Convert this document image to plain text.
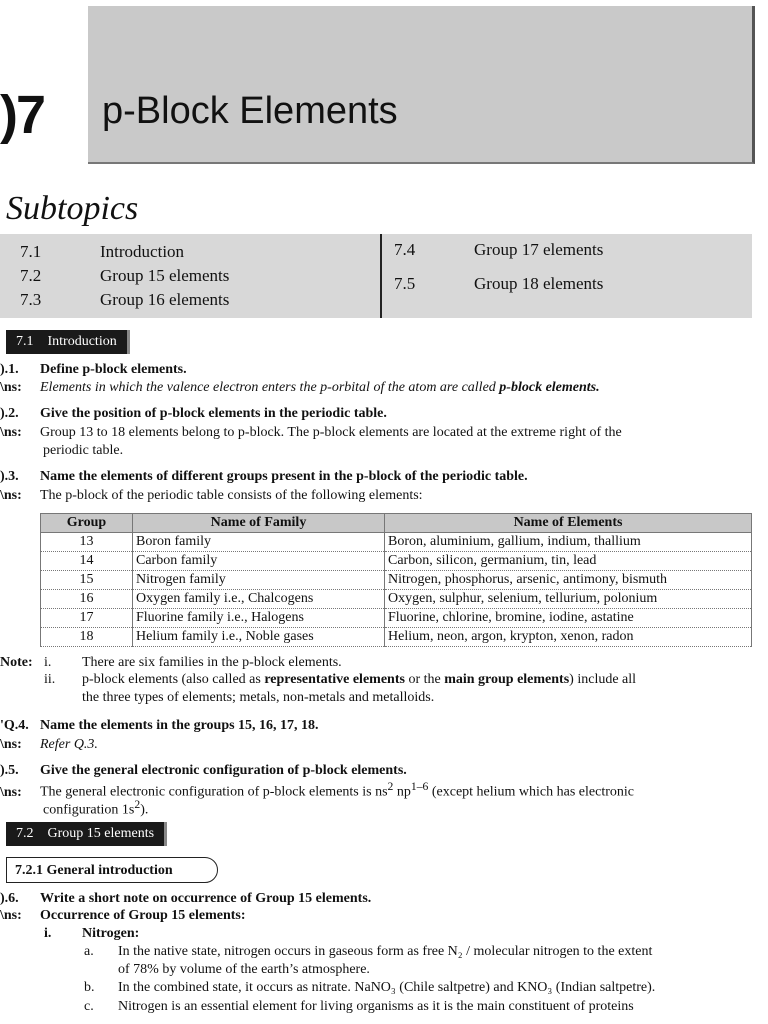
)7 p-Block Elements
Subtopics
7.1	Introduction
7.2	Group 15 elements
7.3	Group 16 elements
7.4	Group 17 elements
7.5	Group 18 elements
7.1 Introduction
).1. Define p-block elements.
\ns: Elements in which the valence electron enters the p-orbital of the atom are called p-block elements.
).2. Give the position of p-block elements in the periodic table.
\ns: Group 13 to 18 elements belong to p-block. The p-block elements are located at the extreme right of the
periodic table.
).3. Name the elements of different groups present in the p-block of the periodic table.
\ns: The p-block of the periodic table consists of the following elements:
Group	Name of Family	Name of Elements
13	Boron family	Boron, aluminium, gallium, indium, thallium
14	Carbon family	Carbon, silicon, germanium, tin, lead
15	Nitrogen family	Nitrogen, phosphorus, arsenic, antimony, bismuth
16	Oxygen family i.e., Chalcogens	Oxygen, sulphur, selenium, tellurium, polonium
17	Fluorine family i.e., Halogens	Fluorine, chlorine, bromine, iodine, astatine
18	Helium family i.e., Noble gases	Helium, neon, argon, krypton, xenon, radon
Note: i. There are six families in the p-block elements.
ii. p-block elements (also called as representative elements or the main group elements) include all
the three types of elements; metals, non-metals and metalloids.
'Q.4. Name the elements in the groups 15, 16, 17, 18.
\ns: Refer Q.3.
).5. Give the general electronic configuration of p-block elements.
\ns: The general electronic configuration of p-block elements is $ns^2$ $np^{1-6}$ (except helium which has electronic
configuration $1s^2$).
7.2 Group 15 elements
7.2.1 General introduction
).6. Write a short note on occurrence of Group 15 elements.
\ns: Occurrence of Group 15 elements:
i. Nitrogen:
a. In the native state, nitrogen occurs in gaseous form as free N₂ / molecular nitrogen to the extent
of 78% by volume of the earth’s atmosphere.
b. In the combined state, it occurs as nitrate. NaNO₃ (Chile saltpetre) and KNO₃ (Indian saltpetre).
c. Nitrogen is an essential element for living organisms as it is the main constituent of proteins
